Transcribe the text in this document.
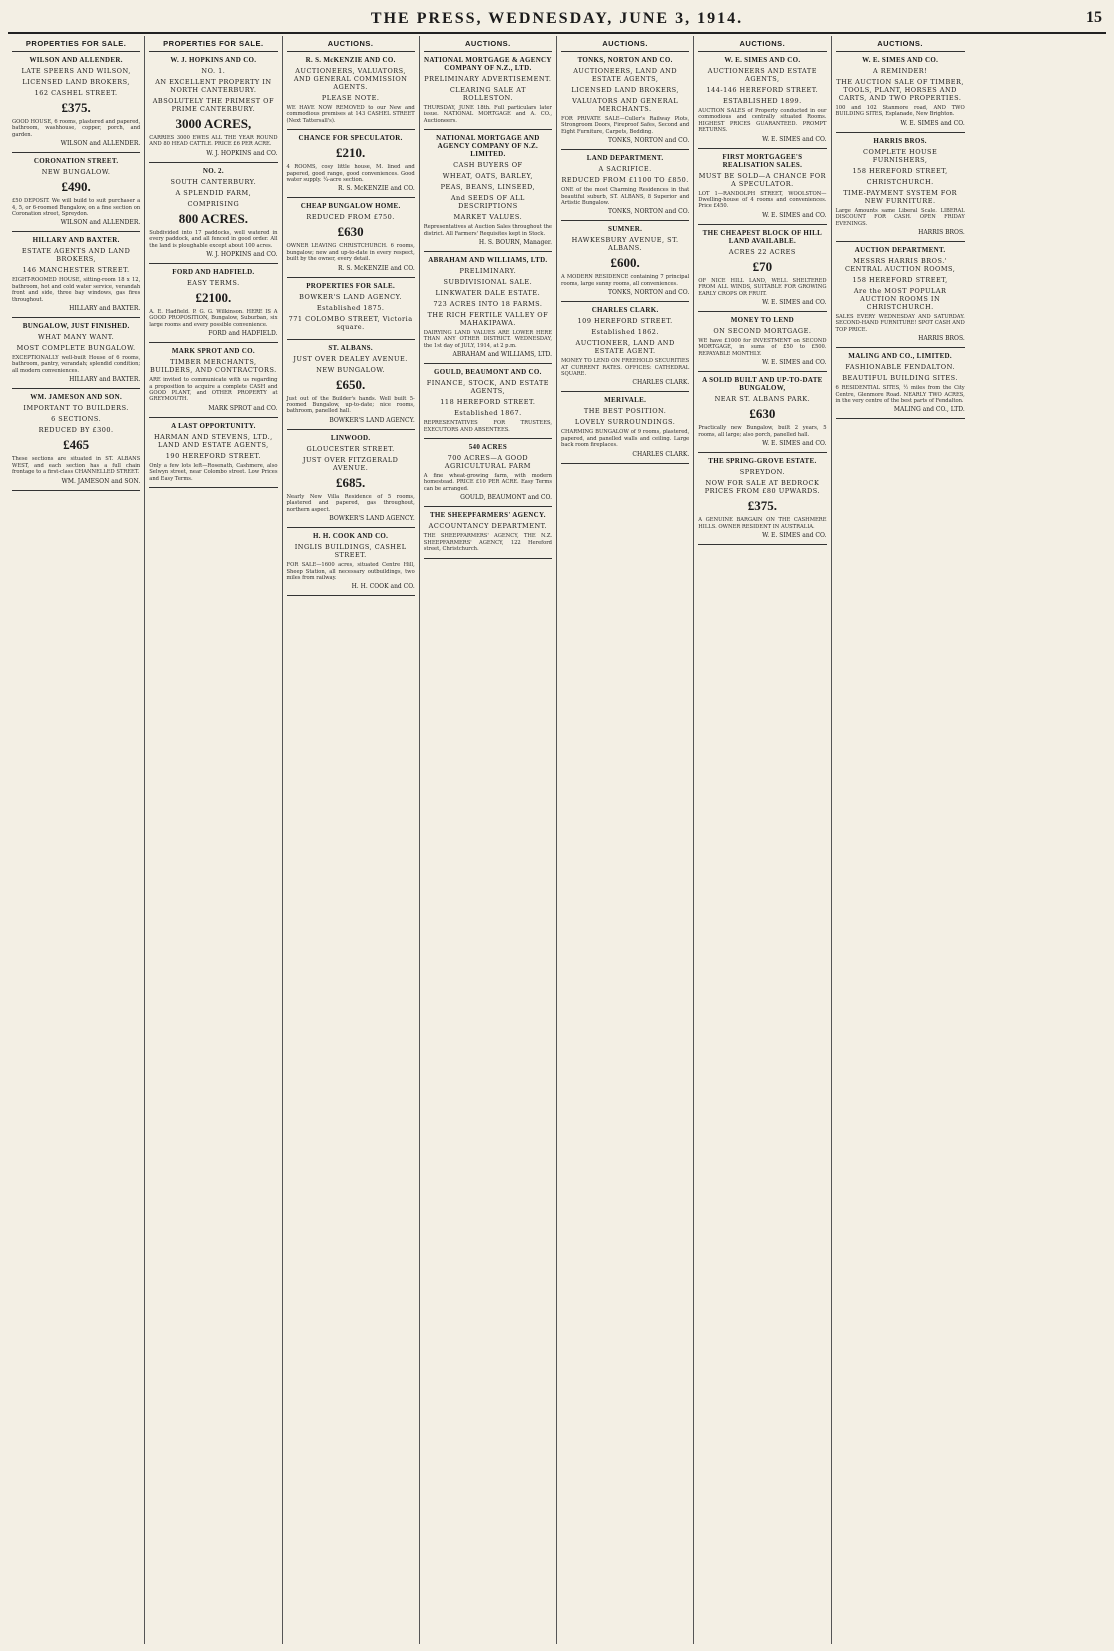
THE PRESS, WEDNESDAY, JUNE 3, 1914.	15
PROPERTIES FOR SALE.
WILSON AND ALLENDER.
LATE SPEERS AND WILSON,
LICENSED LAND BROKERS,
162 CASHEL STREET.
£375.
GOOD HOUSE, 6 rooms, plastered and papered, bathroom, washhouse, copper, porch, and garden.
WILSON and ALLENDER.
CORONATION STREET.
NEW BUNGALOW.
£490.
£50 DEPOSIT. We will build to suit purchaser a 4, 5, or 6-roomed Bungalow, on a fine section on Coronation street, Spreydon.
WILSON and ALLENDER.
HILLARY AND BAXTER.
ESTATE AGENTS AND LAND BROKERS,
146 MANCHESTER STREET.
EIGHT-ROOMED HOUSE, sitting-room 18 x 12, bathroom, hot and cold water service, verandah front and side, three bay windows, gas fires throughout.
HILLARY and BAXTER.
BUNGALOW, JUST FINISHED.
WHAT MANY WANT.
MOST COMPLETE BUNGALOW.
EXCEPTIONALLY well-built House of 6 rooms, bathroom, pantry, verandah; splendid condition; all modern conveniences.
HILLARY and BAXTER.
WM. JAMESON AND SON.
IMPORTANT TO BUILDERS.
6 SECTIONS.
REDUCED BY £300.
£465
These sections are situated in ST. ALBANS WEST, and each section has a full chain frontage to a first-class CHANNELLED STREET.
WM. JAMESON and SON.
PROPERTIES FOR SALE.
W. J. HOPKINS AND CO.
NO. 1.
AN EXCELLENT PROPERTY IN NORTH CANTERBURY.
ABSOLUTELY THE PRIMEST OF PRIME CANTERBURY.
3000 ACRES,
CARRIES 3000 EWES ALL THE YEAR ROUND AND 80 HEAD CATTLE. PRICE £6 PER ACRE.
W. J. HOPKINS and CO.
NO. 2.
SOUTH CANTERBURY.
A SPLENDID FARM,
COMPRISING
800 ACRES.
Subdivided into 17 paddocks, well watered in every paddock, and all fenced in good order. All the land is ploughable except about 100 acres.
W. J. HOPKINS and CO.
FORD AND HADFIELD.
EASY TERMS.
£2100.
A. E. Hadfield. P. G. G. Wilkinson. HERE IS A GOOD PROPOSITION, Bungalow, Suburban, six large rooms and every possible convenience.
FORD and HADFIELD.
MARK SPROT AND CO.
TIMBER MERCHANTS, BUILDERS, AND CONTRACTORS.
ARE invited to communicate with us regarding a proposition to acquire a complete CASH and GOOD PLANT, and OTHER PROPERTY at GREYMOUTH.
MARK SPROT and CO.
A LAST OPPORTUNITY.
HARMAN AND STEVENS, LTD., LAND AND ESTATE AGENTS,
190 HEREFORD STREET.
Only a few lots left—Rosenath, Cashmere, also Selwyn street, near Colombo street. Low Prices and Easy Terms.
AUCTIONS.
R. S. McKENZIE AND CO.
AUCTIONEERS, VALUATORS, AND GENERAL COMMISSION AGENTS.
PLEASE NOTE.
WE HAVE NOW REMOVED to our New and commodious premises at 143 CASHEL STREET (Next Tattersall's).
CHANCE FOR SPECULATOR.
£210.
4 ROOMS, cosy little house, M. lined and papered, good range, good conveniences. Good water supply. ¼-acre section.
R. S. McKENZIE and CO.
CHEAP BUNGALOW HOME.
REDUCED FROM £750.
£630
OWNER LEAVING CHRISTCHURCH. 6 rooms, bungalow; new and up-to-date in every respect, built by the owner, every detail.
R. S. McKENZIE and CO.
PROPERTIES FOR SALE.
BOWKER'S LAND AGENCY.
Established 1875.
771 COLOMBO STREET, Victoria square.
ST. ALBANS.
JUST OVER DEALEY AVENUE.
NEW BUNGALOW.
£650.
Just out of the Builder's hands. Well built 5-roomed Bungalow, up-to-date; nice rooms, bathroom, panelled hall.
BOWKER'S LAND AGENCY.
LINWOOD.
GLOUCESTER STREET.
JUST OVER FITZGERALD AVENUE.
£685.
Nearly New Villa Residence of 5 rooms, plastered and papered, gas throughout, northern aspect.
BOWKER'S LAND AGENCY.
H. H. COOK AND CO.
INGLIS BUILDINGS, CASHEL STREET.
FOR SALE—1600 acres, situated Centre Hill, Sheep Station, all necessary outbuildings, two miles from railway.
H. H. COOK and CO.
AUCTIONS.
NATIONAL MORTGAGE & AGENCY COMPANY OF N.Z., LTD.
PRELIMINARY ADVERTISEMENT.
CLEARING SALE AT ROLLESTON.
THURSDAY, JUNE 18th. Full particulars later issue. NATIONAL MORTGAGE and A. CO., Auctioneers.
NATIONAL MORTGAGE AND AGENCY COMPANY OF N.Z. LIMITED.
CASH BUYERS OF
WHEAT, OATS, BARLEY,
PEAS, BEANS, LINSEED,
And SEEDS OF ALL DESCRIPTIONS
MARKET VALUES.
Representatives at Auction Sales throughout the district. All Farmers' Requisites kept in Stock.
H. S. BOURN, Manager.
ABRAHAM AND WILLIAMS, LTD.
PRELIMINARY.
SUBDIVISIONAL SALE.
LINKWATER DALE ESTATE.
723 ACRES INTO 18 FARMS.
THE RICH FERTILE VALLEY OF MAHAKIPAWA.
DAIRYING LAND VALUES ARE LOWER HERE THAN ANY OTHER DISTRICT. WEDNESDAY, the 1st day of JULY, 1914, at 2 p.m.
ABRAHAM and WILLIAMS, LTD.
GOULD, BEAUMONT AND CO.
FINANCE, STOCK, AND ESTATE AGENTS,
118 HEREFORD STREET.
Established 1867.
REPRESENTATIVES FOR TRUSTEES, EXECUTORS AND ABSENTEES.
540 ACRES
700 ACRES—A GOOD AGRICULTURAL FARM
A fine wheat-growing farm, with modern homestead. PRICE £10 PER ACRE. Easy Terms can be arranged.
GOULD, BEAUMONT and CO.
THE SHEEPFARMERS' AGENCY.
ACCOUNTANCY DEPARTMENT.
THE SHEEPFARMERS' AGENCY, THE N.Z. SHEEPFARMERS' AGENCY, 122 Hereford street, Christchurch.
AUCTIONS.
TONKS, NORTON AND CO.
AUCTIONEERS, LAND AND ESTATE AGENTS,
LICENSED LAND BROKERS,
VALUATORS AND GENERAL MERCHANTS.
FOR PRIVATE SALE—Culler's Railway Plots, Strongroom Doors, Fireproof Safes, Second and Eight Furniture, Carpets, Bedding.
TONKS, NORTON and CO.
LAND DEPARTMENT.
A SACRIFICE.
REDUCED FROM £1100 TO £850.
ONE of the most Charming Residences in that beautiful suburb, ST. ALBANS, 8 Superior and Artistic Bungalow.
TONKS, NORTON and CO.
SUMNER.
HAWKESBURY AVENUE, ST. ALBANS.
£600.
A MODERN RESIDENCE containing 7 principal rooms, large sunny rooms, all conveniences.
TONKS, NORTON and CO.
CHARLES CLARK.
109 HEREFORD STREET.
Established 1862.
AUCTIONEER, LAND AND ESTATE AGENT.
MONEY TO LEND ON FREEHOLD SECURITIES AT CURRENT RATES. OFFICES: CATHEDRAL SQUARE.
CHARLES CLARK.
MERIVALE.
THE BEST POSITION.
LOVELY SURROUNDINGS.
CHARMING BUNGALOW of 9 rooms, plastered, papered, and panelled walls and ceiling. Large back room fireplaces.
CHARLES CLARK.
AUCTIONS.
W. E. SIMES AND CO.
AUCTIONEERS AND ESTATE AGENTS,
144-146 HEREFORD STREET.
ESTABLISHED 1899.
AUCTION SALES of Property conducted in our commodious and centrally situated Rooms. HIGHEST PRICES GUARANTEED. PROMPT RETURNS.
W. E. SIMES and CO.
FIRST MORTGAGEE'S REALISATION SALES.
MUST BE SOLD—A CHANCE FOR A SPECULATOR.
LOT 1—RANDOLPH STREET, WOOLSTON—Dwelling-house of 4 rooms and conveniences. Price £450.
W. E. SIMES and CO.
THE CHEAPEST BLOCK OF HILL LAND AVAILABLE.
ACRES 22 ACRES
£70
OF NICE HILL LAND, WELL SHELTERED FROM ALL WINDS, SUITABLE FOR GROWING EARLY CROPS OR FRUIT.
W. E. SIMES and CO.
MONEY TO LEND
ON SECOND MORTGAGE.
WE have £1000 for INVESTMENT on SECOND MORTGAGE, in sums of £50 to £500. REPAYABLE MONTHLY.
W. E. SIMES and CO.
A SOLID BUILT AND UP-TO-DATE BUNGALOW,
NEAR ST. ALBANS PARK.
£630
Practically new Bungalow, built 2 years, 5 rooms, all large; also porch, panelled hall.
W. E. SIMES and CO.
THE SPRING-GROVE ESTATE.
SPREYDON.
NOW FOR SALE AT BEDROCK PRICES FROM £80 UPWARDS.
£375.
A GENUINE BARGAIN ON THE CASHMERE HILLS. OWNER RESIDENT IN AUSTRALIA.
W. E. SIMES and CO.
AUCTIONS.
W. E. SIMES AND CO.
A REMINDER!
THE AUCTION SALE OF TIMBER, TOOLS, PLANT, HORSES AND CARTS, AND TWO PROPERTIES.
100 and 102 Stanmore road, AND TWO BUILDING SITES, Esplanade, New Brighton.
W. E. SIMES and CO.
HARRIS BROS.
COMPLETE HOUSE FURNISHERS,
158 HEREFORD STREET,
CHRISTCHURCH.
TIME-PAYMENT SYSTEM FOR NEW FURNITURE.
Large Amounts same Liberal Scale. LIBERAL DISCOUNT FOR CASH. OPEN FRIDAY EVENINGS.
HARRIS BROS.
AUCTION DEPARTMENT.
MESSRS HARRIS BROS.' CENTRAL AUCTION ROOMS,
158 HEREFORD STREET,
Are the MOST POPULAR AUCTION ROOMS IN CHRISTCHURCH.
SALES EVERY WEDNESDAY AND SATURDAY. SECOND-HAND FURNITURE! SPOT CASH AND TOP PRICE.
HARRIS BROS.
MALING AND CO., LIMITED.
FASHIONABLE FENDALTON.
BEAUTIFUL BUILDING SITES.
6 RESIDENTIAL SITES, ½ miles from the City Centre, Glenmore Road. NEARLY TWO ACRES, in the very centre of the best parts of Fendalton.
MALING and CO., LTD.
